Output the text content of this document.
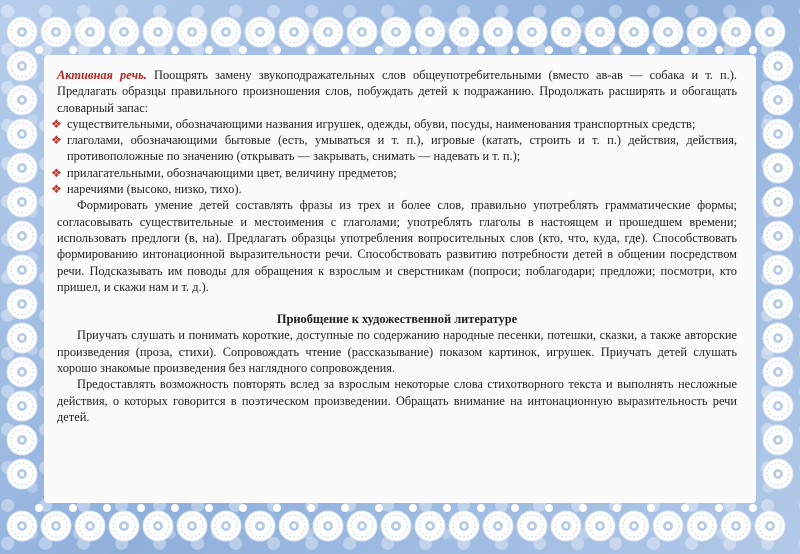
Активная речь. Поощрять замену звукоподражательных слов общеупотребительными (вместо ав-ав — собака и т. п.). Предлагать образцы правильного произношения слов, побуждать детей к подражанию. Продолжать расширять и обогащать словарный запас:

❖ существительными, обозначающими названия игрушек, одежды, обуви, посуды, наименования транспортных средств;

❖ глаголами, обозначающими бытовые (есть, умываться и т. п.), игровые (катать, строить и т. п.) действия, действия, противоположные по значению (открывать — закрывать, снимать — надевать и т. п.);

❖ прилагательными, обозначающими цвет, величину предметов;

❖ наречиями (высоко, низко, тихо).

Формировать умение детей составлять фразы из трех и более слов, правильно употреблять грамматические формы; согласовывать существительные и местоимения с глаголами; употреблять глаголы в настоящем и прошедшем времени; использовать предлоги (в, на). Предлагать образцы употребления вопросительных слов (кто, что, куда, где). Способствовать формированию интонационной выразительности речи. Способствовать развитию потребности детей в общении посредством речи. Подсказывать им поводы для обращения к взрослым и сверстникам (попроси; поблагодари; предложи; посмотри, кто пришел, и скажи нам и т. д.).

Приобщение к художественной литературе

Приучать слушать и понимать короткие, доступные по содержанию народные песенки, потешки, сказки, а также авторские произведения (проза, стихи). Сопровождать чтение (рассказывание) показом картинок, игрушек. Приучать детей слушать хорошо знакомые произведения без наглядного сопровождения.

Предоставлять возможность повторять вслед за взрослым некоторые слова стихотворного текста и выполнять несложные действия, о которых говорится в поэтическом произведении. Обращать внимание на интонационную выразительность речи детей.
